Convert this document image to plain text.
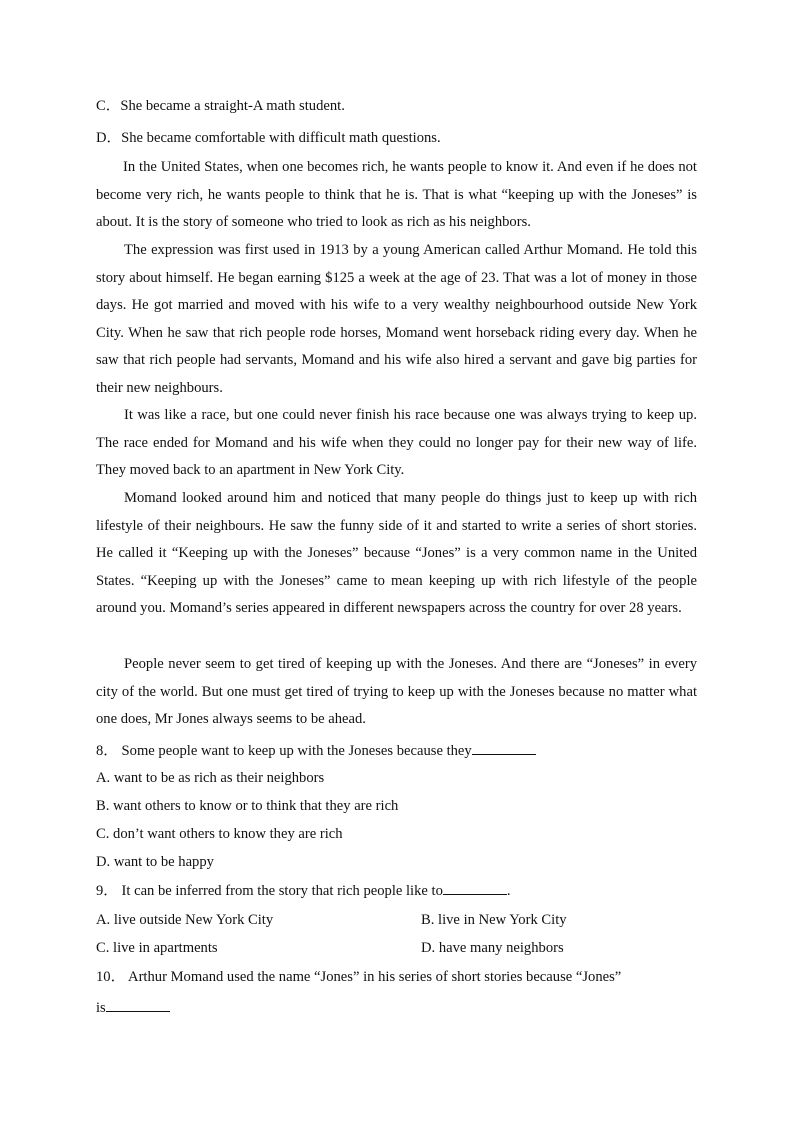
C．She became a straight-A math student.
D．She became comfortable with difficult math questions.

In the United States, when one becomes rich, he wants people to know it. And even if he does not become very rich, he wants people to think that he is. That is what “keeping up with the Joneses” is about. It is the story of someone who tried to look as rich as his neighbors.

The expression was first used in 1913 by a young American called Arthur Momand. He told this story about himself. He began earning $125 a week at the age of 23. That was a lot of money in those days. He got married and moved with his wife to a very wealthy neighbourhood outside New York City. When he saw that rich people rode horses, Momand went horseback riding every day. When he saw that rich people had servants, Momand and his wife also hired a servant and gave big parties for their new neighbours.

It was like a race, but one could never finish his race because one was always trying to keep up. The race ended for Momand and his wife when they could no longer pay for their new way of life. They moved back to an apartment in New York City.

Momand looked around him and noticed that many people do things just to keep up with rich lifestyle of their neighbours. He saw the funny side of it and started to write a series of short stories. He called it “Keeping up with the Joneses” because “Jones” is a very common name in the United States. “Keeping up with the Joneses” came to mean keeping up with rich lifestyle of the people around you. Momand’s series appeared in different newspapers across the country for over 28 years.

People never seem to get tired of keeping up with the Joneses. And there are “Joneses” in every city of the world. But one must get tired of trying to keep up with the Joneses because no matter what one does, Mr Jones always seems to be ahead.

8． Some people want to keep up with the Joneses because they
A. want to be as rich as their neighbors
B. want others to know or to think that they are rich
C. don’t want others to know they are rich
D. want to be happy
9． It can be inferred from the story that rich people like to	.
A. live outside New York City	B. live in New York City
C. live in apartments	D. have many neighbors
10． Arthur Momand used the name “Jones” in his series of short stories because “Jones”
is
